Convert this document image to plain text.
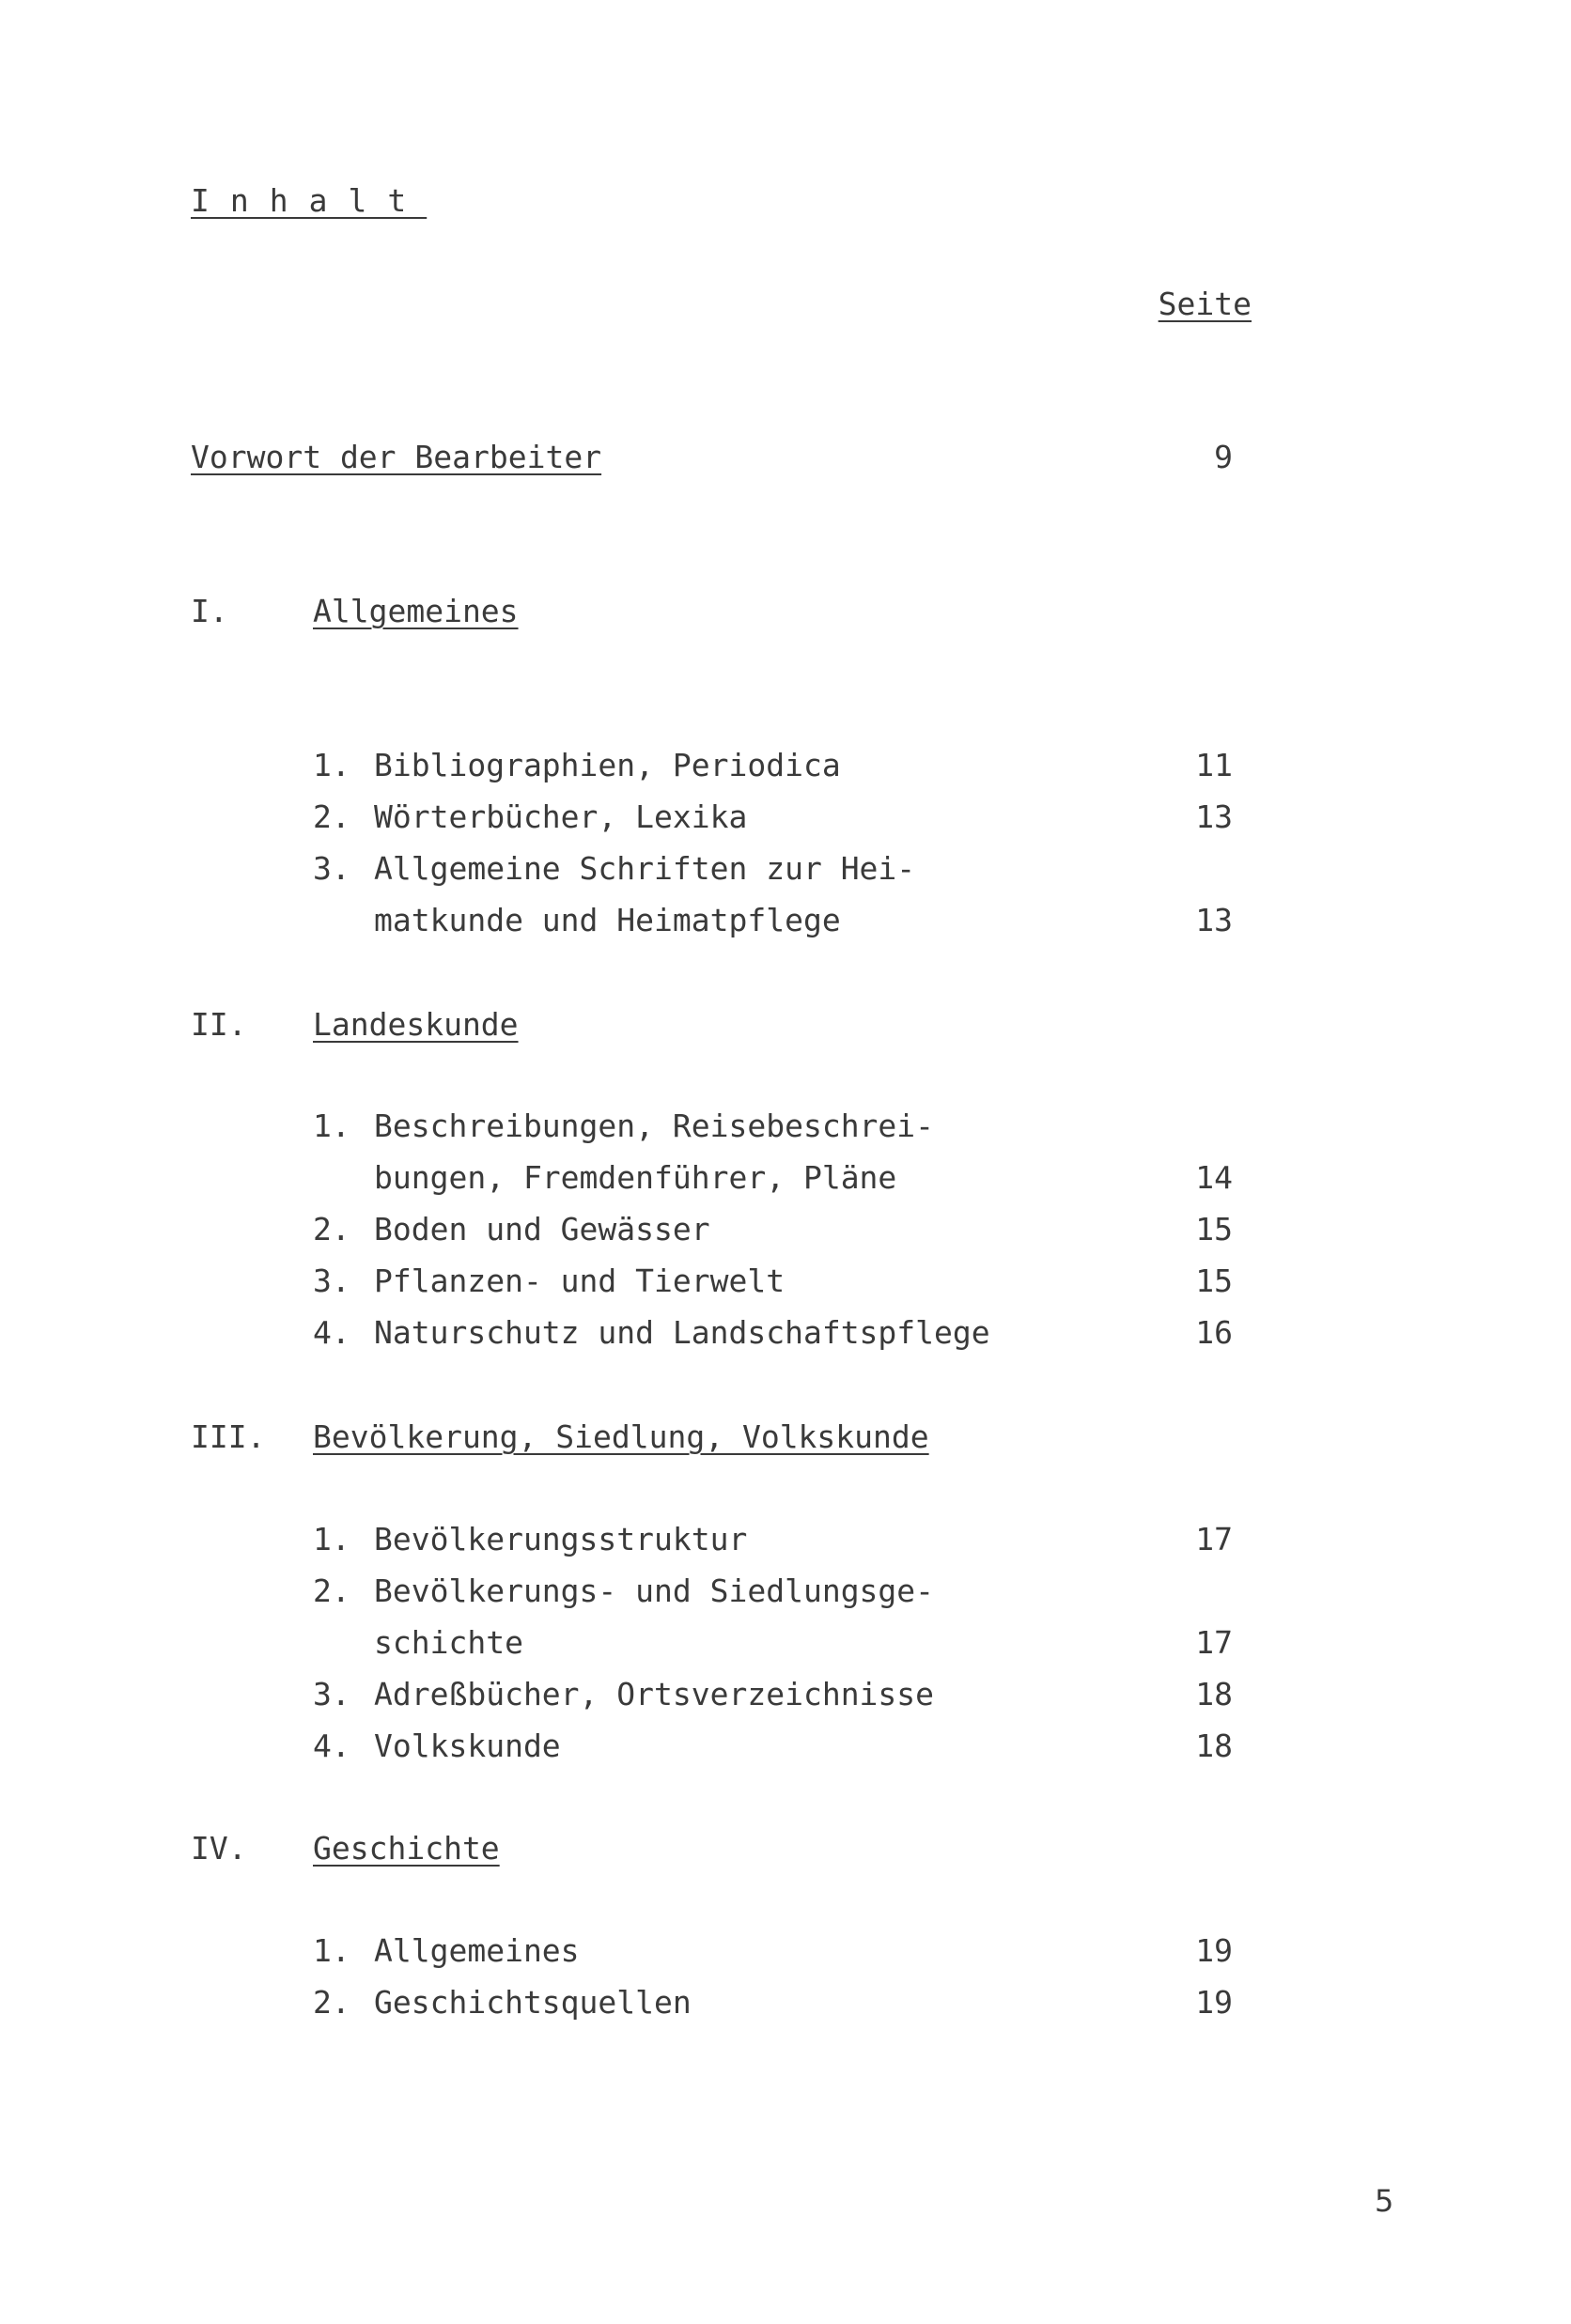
Inhalt
Seite
Vorwort der Bearbeiter	9
I.	Allgemeines
1. Bibliographien, Periodica	11
2. Wörterbücher, Lexika	13
3. Allgemeine Schriften zur Hei-
matkunde und Heimatpflege	13
II. Landeskunde
1. Beschreibungen, Reisebeschrei-
bungen, Fremdenführer, Pläne	14
2. Boden und Gewässer	15
3. Pflanzen- und Tierwelt	15
4. Naturschutz und Landschaftspflege	16
III. Bevölkerung, Siedlung, Volkskunde
1. Bevölkerungsstruktur	17
2. Bevölkerungs- und Siedlungsge-
schichte	17
3. Adreßbücher, Ortsverzeichnisse	18
4. Volkskunde	18
IV. Geschichte
1. Allgemeines	19
2. Geschichtsquellen	19
5
